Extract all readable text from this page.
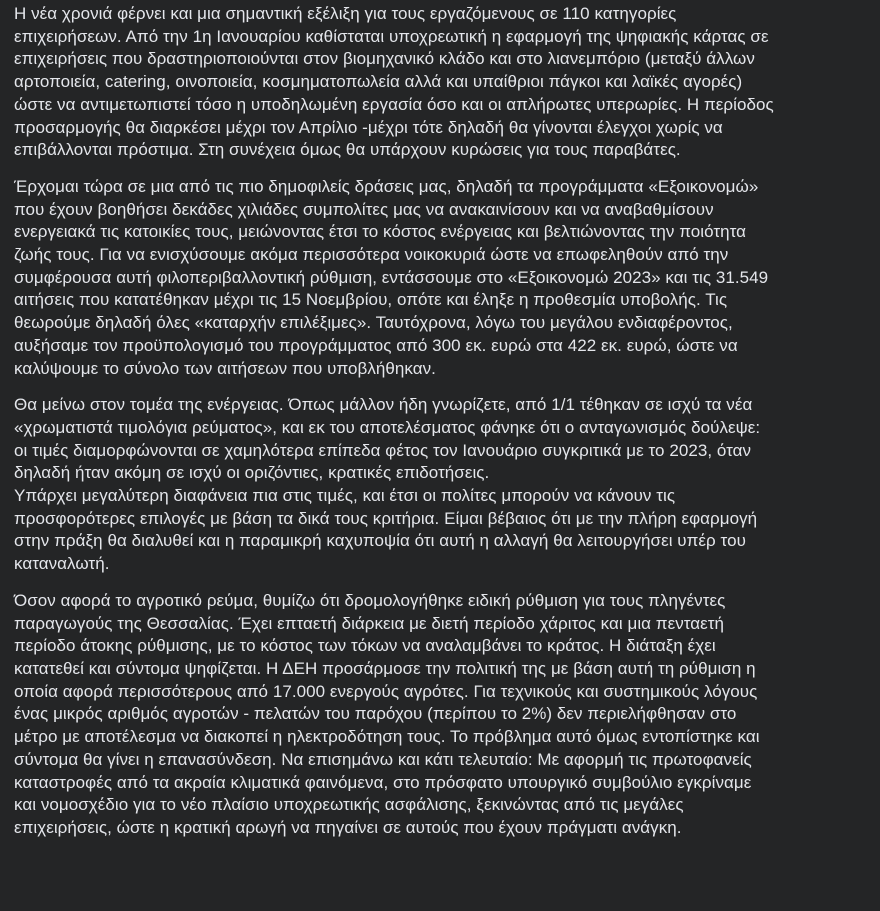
Η νέα χρονιά φέρνει και μια σημαντική εξέλιξη για τους εργαζόμενους σε 110 κατηγορίες
επιχειρήσεων. Από την 1η Ιανουαρίου καθίσταται υποχρεωτική η εφαρμογή της ψηφιακής κάρτας σε
επιχειρήσεις που δραστηριοποιούνται στον βιομηχανικό κλάδο και στο λιανεμπόριο (μεταξύ άλλων
αρτοποιεία, catering, οινοποιεία, κοσμηματοπωλεία αλλά και υπαίθριοι πάγκοι και λαϊκές αγορές)
ώστε να αντιμετωπιστεί τόσο η υποδηλωμένη εργασία όσο και οι απλήρωτες υπερωρίες. Η περίοδος
προσαρμογής θα διαρκέσει μέχρι τον Απρίλιο -μέχρι τότε δηλαδή θα γίνονται έλεγχοι χωρίς να
επιβάλλονται πρόστιμα. Στη συνέχεια όμως θα υπάρχουν κυρώσεις για τους παραβάτες.

Έρχομαι τώρα σε μια από τις πιο δημοφιλείς δράσεις μας, δηλαδή τα προγράμματα «Εξοικονομώ»
που έχουν βοηθήσει δεκάδες χιλιάδες συμπολίτες μας να ανακαινίσουν και να αναβαθμίσουν
ενεργειακά τις κατοικίες τους, μειώνοντας έτσι το κόστος ενέργειας και βελτιώνοντας την ποιότητα
ζωής τους. Για να ενισχύσουμε ακόμα περισσότερα νοικοκυριά ώστε να επωφεληθούν από την
συμφέρουσα αυτή φιλοπεριβαλλοντική ρύθμιση, εντάσσουμε στο «Εξοικονομώ 2023» και τις 31.549
αιτήσεις που κατατέθηκαν μέχρι τις 15 Νοεμβρίου, οπότε και έληξε η προθεσμία υποβολής. Τις
θεωρούμε δηλαδή όλες «καταρχήν επιλέξιμες». Ταυτόχρονα, λόγω του μεγάλου ενδιαφέροντος,
αυξήσαμε τον προϋπολογισμό του προγράμματος από 300 εκ. ευρώ στα 422 εκ. ευρώ, ώστε να
καλύψουμε το σύνολο των αιτήσεων που υποβλήθηκαν.

Θα μείνω στον τομέα της ενέργειας. Όπως μάλλον ήδη γνωρίζετε, από 1/1 τέθηκαν σε ισχύ τα νέα
«χρωματιστά τιμολόγια ρεύματος», και εκ του αποτελέσματος φάνηκε ότι ο ανταγωνισμός δούλεψε:
οι τιμές διαμορφώνονται σε χαμηλότερα επίπεδα φέτος τον Ιανουάριο συγκριτικά με το 2023, όταν
δηλαδή ήταν ακόμη σε ισχύ οι οριζόντιες, κρατικές επιδοτήσεις.
Υπάρχει μεγαλύτερη διαφάνεια πια στις τιμές, και έτσι οι πολίτες μπορούν να κάνουν τις
προσφορότερες επιλογές με βάση τα δικά τους κριτήρια. Είμαι βέβαιος ότι με την πλήρη εφαρμογή
στην πράξη θα διαλυθεί και η παραμικρή καχυποψία ότι αυτή η αλλαγή θα λειτουργήσει υπέρ του
καταναλωτή.

Όσον αφορά το αγροτικό ρεύμα, θυμίζω ότι δρομολογήθηκε ειδική ρύθμιση για τους πληγέντες
παραγωγούς της Θεσσαλίας. Έχει επταετή διάρκεια με διετή περίοδο χάριτος και μια πενταετή
περίοδο άτοκης ρύθμισης, με το κόστος των τόκων να αναλαμβάνει το κράτος. Η διάταξη έχει
κατατεθεί και σύντομα ψηφίζεται. Η ΔΕΗ προσάρμοσε την πολιτική της με βάση αυτή τη ρύθμιση η
οποία αφορά περισσότερους από 17.000 ενεργούς αγρότες. Για τεχνικούς και συστημικούς λόγους
ένας μικρός αριθμός αγροτών - πελατών του παρόχου (περίπου το 2%) δεν περιελήφθησαν στο
μέτρο με αποτέλεσμα να διακοπεί η ηλεκτροδότηση τους. Το πρόβλημα αυτό όμως εντοπίστηκε και
σύντομα θα γίνει η επανασύνδεση. Να επισημάνω και κάτι τελευταίο: Με αφορμή τις πρωτοφανείς
καταστροφές από τα ακραία κλιματικά φαινόμενα, στο πρόσφατο υπουργικό συμβούλιο εγκρίναμε
και νομοσχέδιο για το νέο πλαίσιο υποχρεωτικής ασφάλισης, ξεκινώντας από τις μεγάλες
επιχειρήσεις, ώστε η κρατική αρωγή να πηγαίνει σε αυτούς που έχουν πράγματι ανάγκη.
